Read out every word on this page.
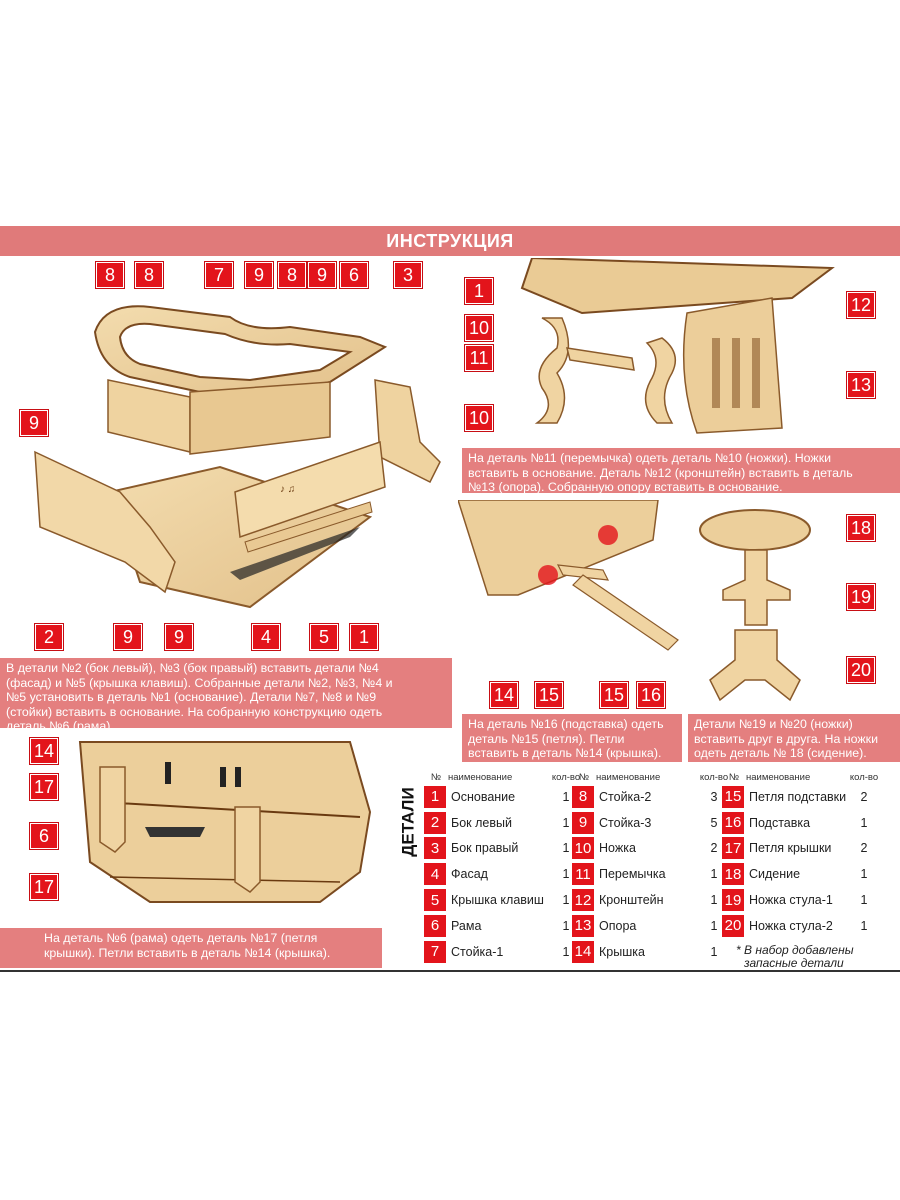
ИНСТРУКЦИЯ
♪ ♫
8	8	7	9	8	9	6	3
9
2	9	9	4	5	1
1
10
11
10
12
13
14 15 15 16
18
19
20
14
17
6
17
На деталь №11 (перемычка) одеть деталь №10 (ножки). Ножки
вставить в основание. Деталь №12 (кронштейн) вставить в деталь
№13 (опора). Собранную опору вставить в основание.
В детали №2 (бок левый), №3 (бок правый) вставить детали №4
(фасад) и №5 (крышка клавиш). Собранные детали №2, №3, №4 и
№5 установить в деталь №1 (основание). Детали №7, №8 и №9
(стойки) вставить в основание. На собранную конструкцию одеть
деталь №6 (рама).	На деталь №16 (подставка) одеть
деталь №15 (петля). Петли
вставить в деталь №14 (крышка).
Детали №19 и №20 (ножки)
вставить друг в друга. На ножки
одеть деталь № 18 (сидение).
На деталь №6 (рама) одеть деталь №17 (петля
крышки). Петли вставить в деталь №14 (крышка).
ДЕТАЛИ
№ наименование	кол-во
1 Основание	1
2 Бок левый	1
3 Бок правый	1
4 Фасад	1
5 Крышка клавиш	1
6 Рама	1
7 Стойка-1	1
№ наименование	кол-во
8 Стойка-2	3
9 Стойка-3	5
10 Ножка	2
11 Перемычка	1
12 Кронштейн	1
13 Опора	1
14 Крышка	1
№ наименование	кол-во
15 Петля подставки	2
16 Подставка	1
17 Петля крышки	2
18 Сидение	1
19 Ножка стула-1	1
20 Ножка стула-2	1
* В набор добавлены
запасные детали
